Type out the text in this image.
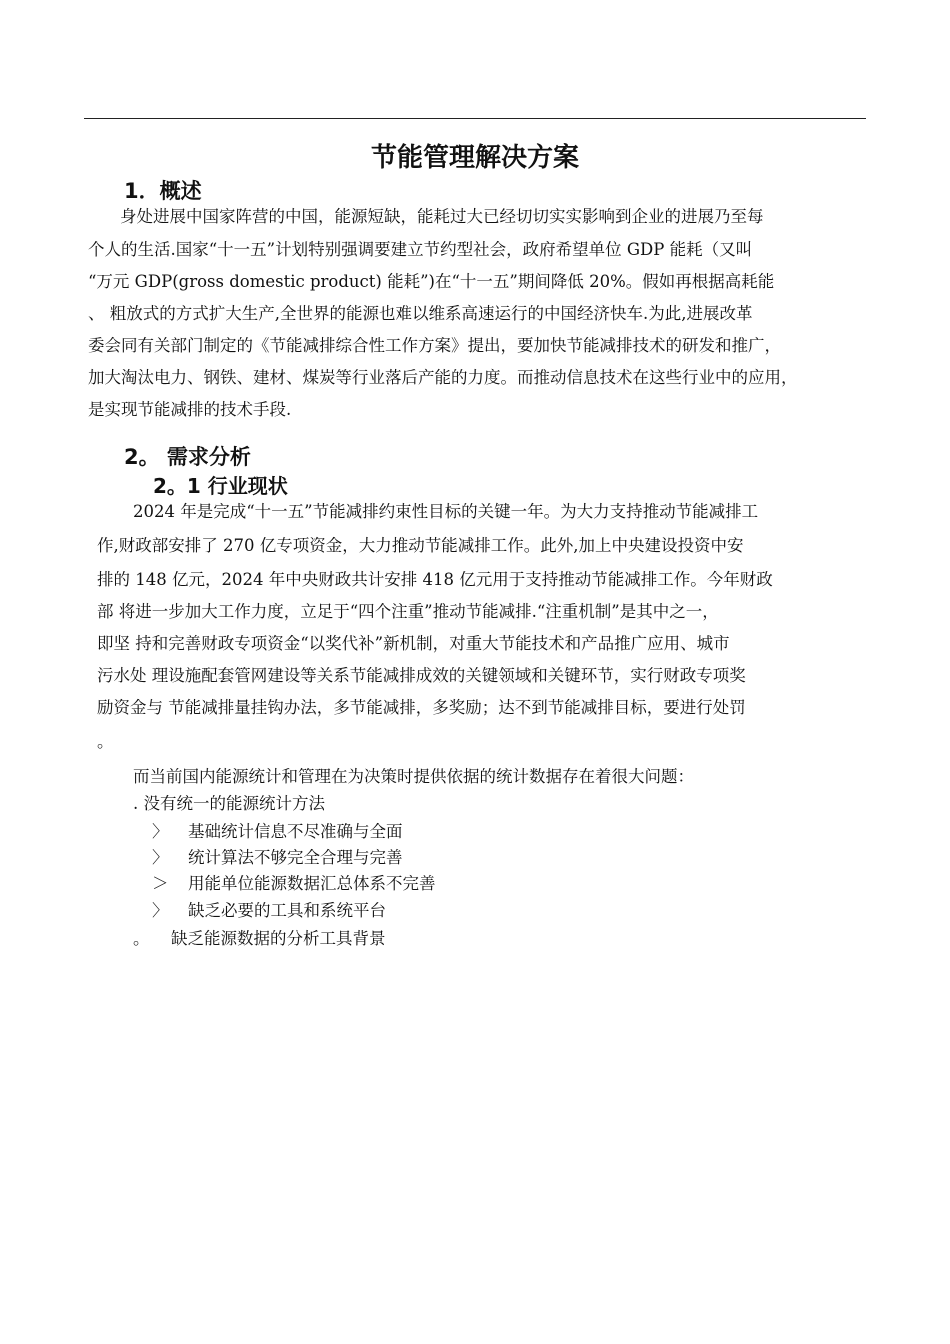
节能管理解决方案
1．概述
身处进展中国家阵营的中国，能源短缺，能耗过大已经切切实实影响到企业的进展乃至每
个人的生活.国家“十一五”计划特别强调要建立节约型社会，政府希望单位 GDP 能耗（又叫
“万元 GDP(gross domestic product) 能耗”)在“十一五”期间降低 20%。假如再根据高耗能
、 粗放式的方式扩大生产,全世界的能源也难以维系高速运行的中国经济快车.为此,进展改革
委会同有关部门制定的《节能减排综合性工作方案》提出，要加快节能减排技术的研发和推广，
加大淘汰电力、钢铁、建材、煤炭等行业落后产能的力度。而推动信息技术在这些行业中的应用，
是实现节能减排的技术手段.
2。 需求分析
2。1 行业现状
2024 年是完成“十一五”节能减排约束性目标的关键一年。为大力支持推动节能减排工
作,财政部安排了 270 亿专项资金，大力推动节能减排工作。此外,加上中央建设投资中安
排的 148 亿元，2024 年中央财政共计安排 418 亿元用于支持推动节能减排工作。今年财政
部 将进一步加大工作力度，立足于“四个注重”推动节能减排.“注重机制”是其中之一，
即坚 持和完善财政专项资金“以奖代补”新机制，对重大节能技术和产品推广应用、城市
污水处 理设施配套管网建设等关系节能减排成效的关键领域和关键环节，实行财政专项奖
励资金与 节能减排量挂钩办法，多节能减排，多奖励；达不到节能减排目标，要进行处罚
。
而当前国内能源统计和管理在为决策时提供依据的统计数据存在着很大问题：
. 没有统一的能源统计方法
〉 基础统计信息不尽准确与全面
〉 统计算法不够完全合理与完善
＞ 用能单位能源数据汇总体系不完善
〉 缺乏必要的工具和系统平台
。 缺乏能源数据的分析工具背景
